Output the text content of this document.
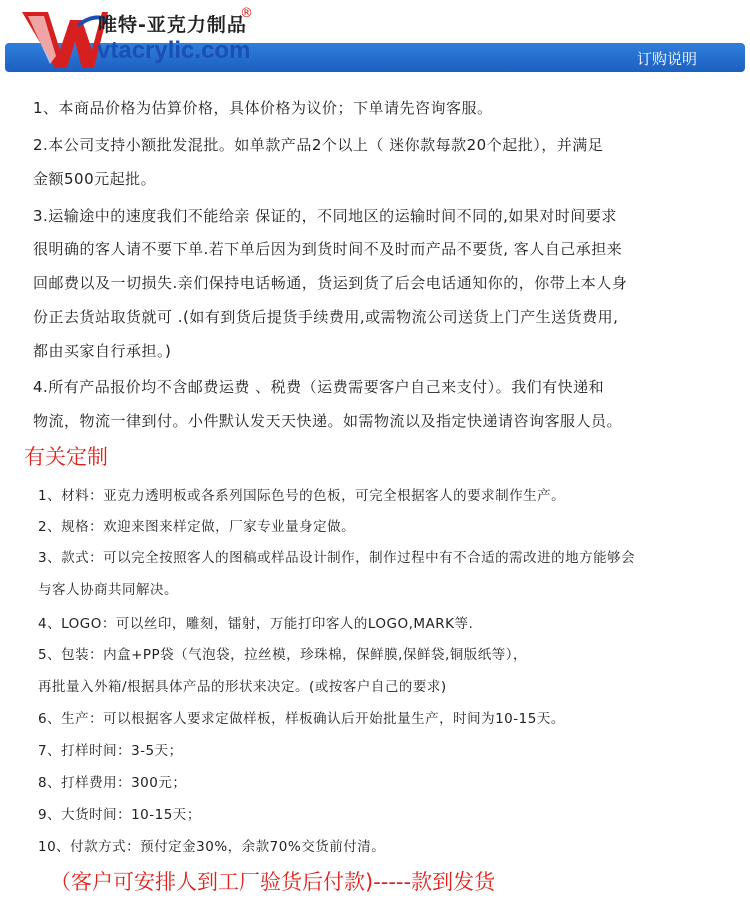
订购说明
唯特-亚克力制品
®
vtacrylic.com
1、本商品价格为估算价格，具体价格为议价；下单请先咨询客服。
2.本公司支持小额批发混批。如单款产品2个以上（ 迷你款每款20个起批），并满足
金额500元起批。
3.运输途中的速度我们不能给亲 保证的，不同地区的运输时间不同的,如果对时间要求
很明确的客人请不要下单.若下单后因为到货时间不及时而产品不要货, 客人自己承担来
回邮费以及一切损失.亲们保持电话畅通，货运到货了后会电话通知你的，你带上本人身
份正去货站取货就可 .(如有到货后提货手续费用,或需物流公司送货上门产生送货费用,
都由买家自行承担。)
4.所有产品报价均不含邮费运费 、税费（运费需要客户自己来支付）。我们有快递和
物流，物流一律到付。小件默认发天天快递。如需物流以及指定快递请咨询客服人员。
有关定制
1、材料：亚克力透明板或各系列国际色号的色板，可完全根据客人的要求制作生产。
2、规格：欢迎来图来样定做，厂家专业量身定做。
3、款式：可以完全按照客人的图稿或样品设计制作，制作过程中有不合适的需改进的地方能够会
与客人协商共同解决。
4、LOGO：可以丝印，雕刻，镭射，万能打印客人的LOGO,MARK等.
5、包装：内盒+PP袋（气泡袋，拉丝模，珍珠棉，保鲜膜,保鲜袋,铜版纸等），
再批量入外箱/根据具体产品的形状来决定。(或按客户自己的要求)
6、生产：可以根据客人要求定做样板，样板确认后开始批量生产，时间为10-15天。
7、打样时间：3-5天；
8、打样费用：300元；
9、大货时间：10-15天；
10、付款方式：预付定金30%，余款70%交货前付清。
（客户可安排人到工厂验货后付款)-----款到发货
